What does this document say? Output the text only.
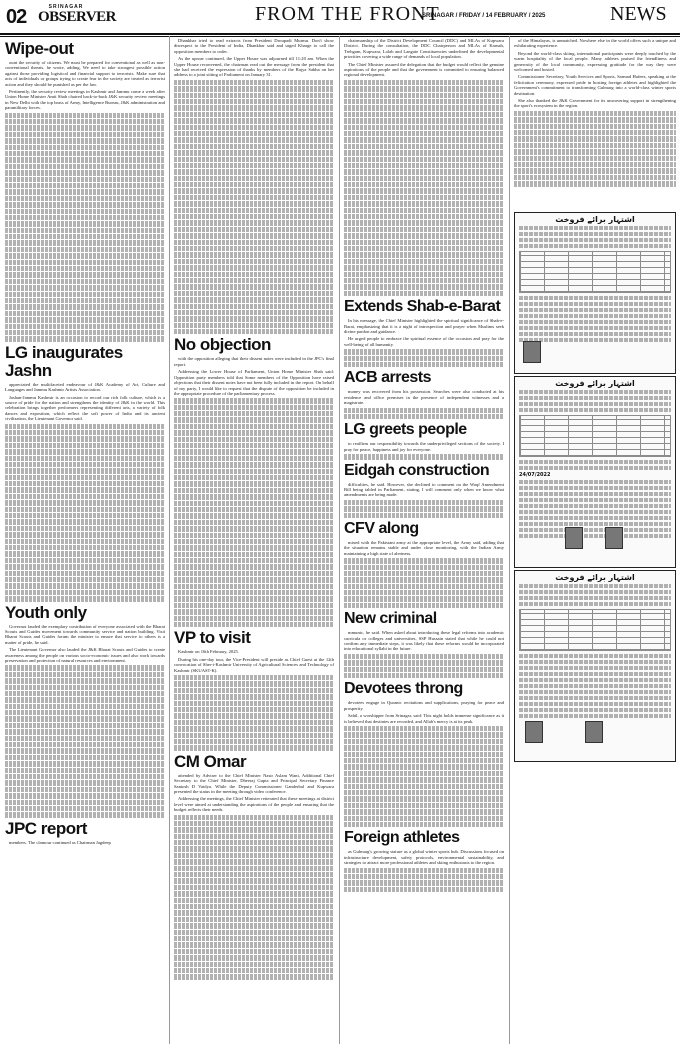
02	SRINAGAR
OBSERVER	FROM THE FRONT
SRINAGAR / FRIDAY / 14 FEBRUARY / 2025	NEWS
Wipe-out

ount the security of citizens. We must be prepared for conventional as well as non-conventional threats, he wrote, adding, We need to take strongest possible action against those providing logistical and financial support to terrorists. Make sure that acts of individuals or groups trying to create fear in the society are treated as terrorist action and they should be punished as per the law.

Pertinently, the security review meetings in Kashmir and Jammu come a week after Union Home Minister Amit Shah chaired back-to-back J&K security review meetings in New Delhi with the top brass of Army, Intelligence Bureau, J&K administration and paramilitary forces.

LG inaugurates Jashn

appreciated the multifaceted endeavour of J&K Academy of Art, Culture and Languages and Jammu Kashmir Artists Association.

Jashan-Jammu Kashmir is an occasion to record our rich folk culture, which is a source of pride for the nation and strengthens the identity of J&K in the world. This celebration brings together performers representing different arts, a variety of folk dances and exposition, which reflect the soft power of India and its ancient civilization, the Lieutenant Governor said.

Youth only

Governor lauded the exemplary contribution of everyone associated with the Bharat Scouts and Guides movement towards community service and nation building. Visit Bharat Scouts and Guides forum the minister to ensure that service to others is a matter of pride, he said.

The Lieutenant Governor also lauded the J&K Bharat Scouts and Guides to create awareness among the people on various socio-economic issues and also work towards preservation and protection of natural resources and environment.

JPC report

members. The clamour continued as Chairman Jagdeep

Dhankhar tried to read extracts from President Droupadi Murmu. Don't show disrespect to the President of India, Dhankhar said and urged Kharge to call the opposition members to order.

As the uproar continued, the Upper House was adjourned till 11:20 am. When the Upper House reconvened, the chairman read out the message from the president that she had received the expression of thanks by members of the Rajya Sabha on her address to a joint sitting of Parliament on January 31.

No objection

with the opposition alleging that their dissent notes were included in the JPC's final report.

Addressing the Lower House of Parliament, Union Home Minister Shah said: Opposition party members told that Some members of the Opposition have raised objections that their dissent notes have not been fully included in the report. On behalf of my party, I would like to request that the dispute of the opposition be included in the appropriate procedure of the parliamentary process.

VP to visit

Kashmir on 16th February, 2025.

During his one-day tour, the Vice-President will preside as Chief Guest at the 12th convocation of Sher-i-Kashmir University of Agricultural Sciences and Technology of Kashmir (SKUAST-K).

CM Omar

attended by Adviser to the Chief Minister Nasir Aslam Wani, Additional Chief Secretary to the Chief Minister, Dheeraj Gupta and Principal Secretary Finance Santosh D Vaidya. While the Deputy Commissioner Ganderbal and Kupwara presented the status in the meeting through video conference.

Addressing the meetings, the Chief Minister reiterated that these meetings at district level were aimed at understanding the aspirations of the people and ensuring that the budget reflects their needs.

chairmanship of the District Development Council (DDC) and MLAs of Kupwara District. During the consultation, the DDC Chairperson and MLAs of Karnah, Trehgam, Kupwara, Lolab and Langate Constituencies underlined the developmental priorities covering a wide range of demands of local population.

The Chief Minister assured the delegation that the budget would reflect the genuine aspirations of the people and that the government is committed to ensuring balanced regional development.

Extends Shab-e-Barat

In his message, the Chief Minister highlighted the spiritual significance of Shab-e-Barat, emphasizing that it is a night of introspection and prayer when Muslims seek divine pardon and guidance.

He urged people to embrace the spiritual essence of the occasion and pray for the well-being of all humanity.

ACB arrests

money was recovered from his possession. Searches were also conducted at his residence and office premises in the presence of independent witnesses and a magistrate.

LG greets people

to reaffirm our responsibility towards the underprivileged sections of the society. I pray for peace, happiness and joy for everyone.

Eidgah construction

difficulties, he said. However, she declined to comment on the Waqf Amendment Bill being tabled in Parliament, stating, I will comment only when we know what amendments are being made.

CFV along

mixed with the Pakistani army at the appropriate level, the Army said, adding that the situation remains stable and under close monitoring, with the Indian Army maintaining a high state of alertness.

New criminal

mmunic, he said. When asked about introducing these legal reforms into academic curricula or colleges and universities, SSP Hussain stated that while he could not confirm any immediate steps, it was likely that these reforms would be incorporated into educational syllabi in the future.

Devotees throng

devotees engage in Quranic recitations and supplications, praying for peace and prosperity.

Sahil, a worshipper from Srinagar, said: This night holds immense significance as it is believed that destinies are recorded, and Allah's mercy is at its peak.

Foreign athletes

as Gulmarg's growing stature as a global winter sports hub. Discussions focused on infrastructure development, safety protocols, environmental sustainability, and strategies to attract more professional athletes and skiing enthusiasts to the region.

of the Himalayas, is unmatched. Nowhere else in the world offers such a unique and exhilarating experience.

Beyond the world-class skiing, international participants were deeply touched by the warm hospitality of the local people. Many athletes praised the friendliness and generosity of the local community, expressing gratitude for the way they were welcomed and hosted.

Commissioner Secretary, Youth Services and Sports, Sarmad Hafeez, speaking at the felicitation ceremony, expressed pride in hosting foreign athletes and highlighted the Government's commitment to transforming Gulmarg into a world-class winter sports destination.

She also thanked the J&K Government for its unwavering support in strengthening the sport's ecosystem in the region.

اشتہار برائے فروخت
اشتہار برائے فروخت
24/07/2022
اشتہار برائے فروخت
